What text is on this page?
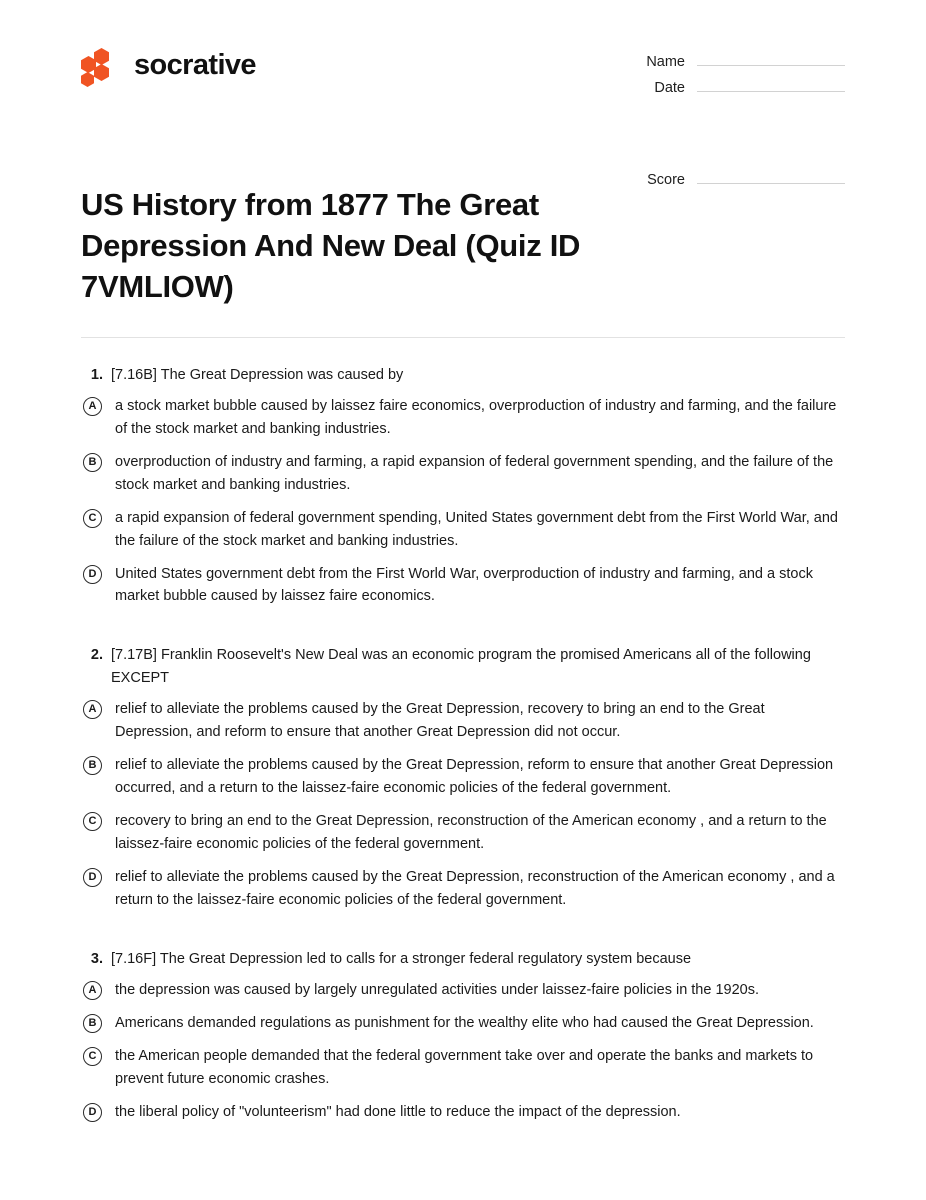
socrative	Name
Date
Score
US History from 1877 The Great Depression And New Deal (Quiz ID 7VMLIOW)
1. [7.16B] The Great Depression was caused by
A	a stock market bubble caused by laissez faire economics, overproduction of industry and farming, and the failure of the stock market and banking industries.
B	overproduction of industry and farming, a rapid expansion of federal government spending, and the failure of the stock market and banking industries.
C	a rapid expansion of federal government spending, United States government debt from the First World War, and the failure of the stock market and banking industries.
D	United States government debt from the First World War, overproduction of industry and farming, and a stock market bubble caused by laissez faire economics.
2. [7.17B] Franklin Roosevelt's New Deal was an economic program the promised Americans all of the following EXCEPT
A	relief to alleviate the problems caused by the Great Depression, recovery to bring an end to the Great Depression, and reform to ensure that another Great Depression did not occur.
B	relief to alleviate the problems caused by the Great Depression, reform to ensure that another Great Depression occurred, and a return to the laissez-faire economic policies of the federal government.
C	recovery to bring an end to the Great Depression, reconstruction of the American economy , and a return to the laissez-faire economic policies of the federal government.
D	relief to alleviate the problems caused by the Great Depression, reconstruction of the American economy , and a return to the laissez-faire economic policies of the federal government.
3. [7.16F] The Great Depression led to calls for a stronger federal regulatory system because
A	the depression was caused by largely unregulated activities under laissez-faire policies in the 1920s.
B	Americans demanded regulations as punishment for the wealthy elite who had caused the Great Depression.
C	the American people demanded that the federal government take over and operate the banks and markets to prevent future economic crashes.
D	the liberal policy of "volunteerism" had done little to reduce the impact of the depression.
